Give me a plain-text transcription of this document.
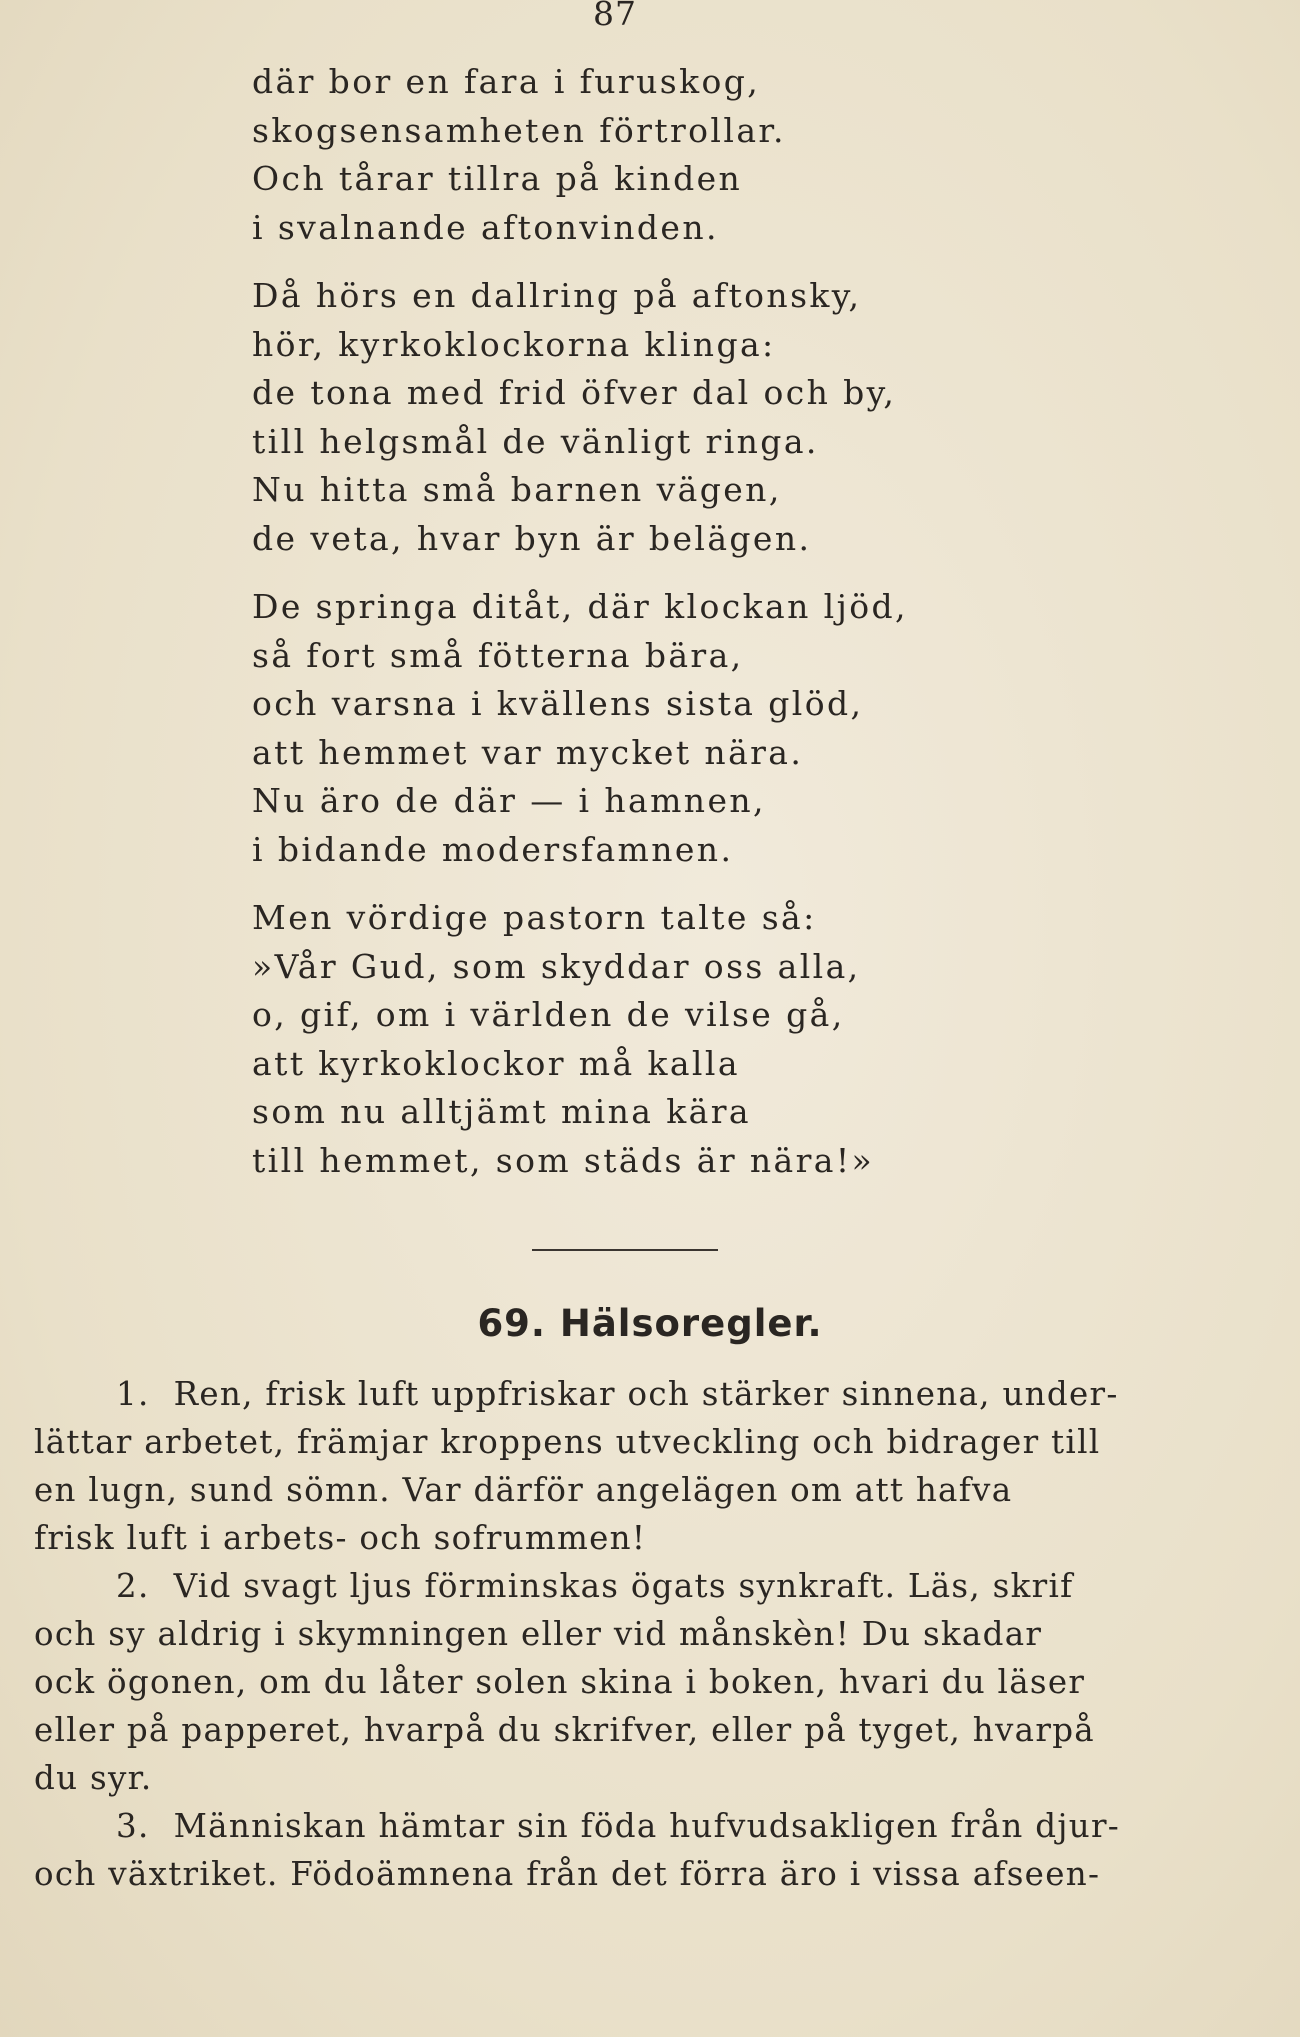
87
där bor en fara i furuskog,
skogsensamheten förtrollar.
Och tårar tillra på kinden
i svalnande aftonvinden.
Då hörs en dallring på aftonsky,
hör, kyrkoklockorna klinga:
de tona med frid öfver dal och by,
till helgsmål de vänligt ringa.
Nu hitta små barnen vägen,
de veta, hvar byn är belägen.
De springa ditåt, där klockan ljöd,
så fort små fötterna bära,
och varsna i kvällens sista glöd,
att hemmet var mycket nära.
Nu äro de där — i hamnen,
i bidande modersfamnen.
Men vördige pastorn talte så:
»Vår Gud, som skyddar oss alla,
o, gif, om i världen de vilse gå,
att kyrkoklockor må kalla
som nu alltjämt mina kära
till hemmet, som städs är nära!»
69. Hälsoregler.
1. Ren, frisk luft uppfriskar och stärker sinnena, under-
lättar arbetet, främjar kroppens utveckling och bidrager till
en lugn, sund sömn. Var därför angelägen om att hafva
frisk luft i arbets- och sofrummen!
2. Vid svagt ljus förminskas ögats synkraft. Läs, skrif
och sy aldrig i skymningen eller vid månskèn! Du skadar
ock ögonen, om du låter solen skina i boken, hvari du läser
eller på papperet, hvarpå du skrifver, eller på tyget, hvarpå
du syr.
3. Människan hämtar sin föda hufvudsakligen från djur-
och växtriket. Födoämnena från det förra äro i vissa afseen-
